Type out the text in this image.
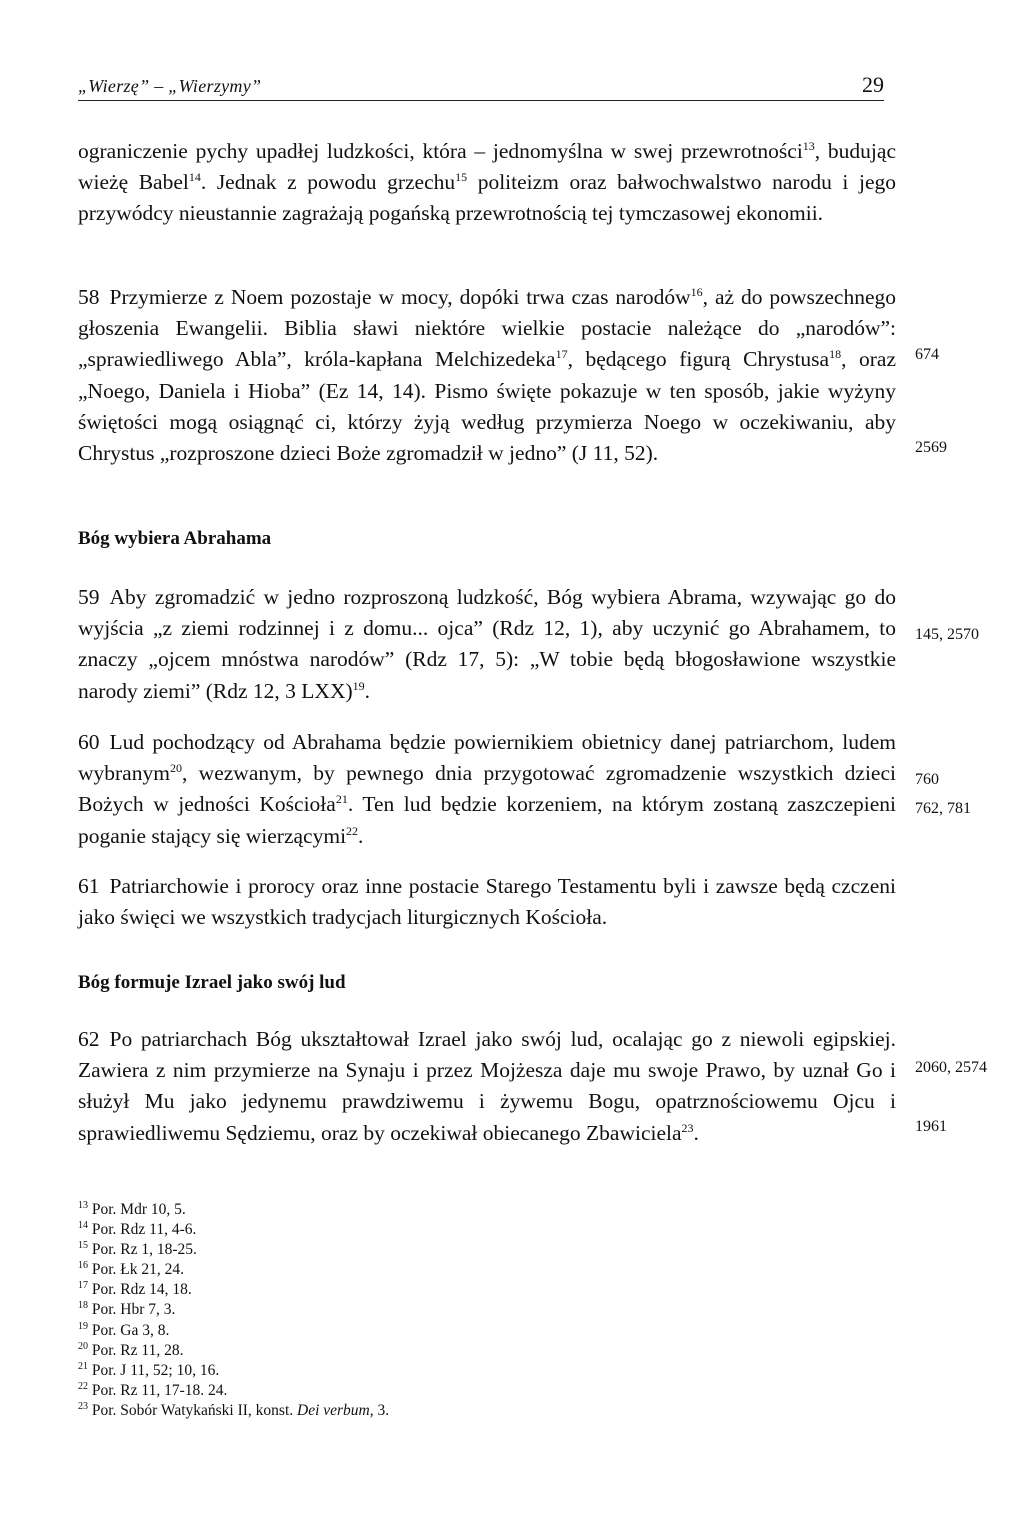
„Wierzę” – „Wierzymy”	29
ograniczenie pychy upadłej ludzkości, która – jednomyślna w swej przewrotności$^{13}$, budując wieżę Babel$^{14}$. Jednak z powodu grzechu$^{15}$ politeizm oraz bałwochwalstwo narodu i jego przywódcy nieustannie zagrażają pogańską przewrotnością tej tymczasowej ekonomii.
58 Przymierze z Noem pozostaje w mocy, dopóki trwa czas narodów$^{16}$, aż do powszechnego głoszenia Ewangelii. Biblia sławi niektóre wielkie postacie należące do „narodów”: „sprawiedliwego Abla”, króla-kapłana Melchizedeka$^{17}$, będącego figurą Chrystusa$^{18}$, oraz „Noego, Daniela i Hioba” (Ez 14, 14). Pismo święte pokazuje w ten sposób, jakie wyżyny świętości mogą osiągnąć ci, którzy żyją według przymierza Noego w oczekiwaniu, aby Chrystus „rozproszone dzieci Boże zgromadził w jedno” (J 11, 52).
Bóg wybiera Abrahama
59 Aby zgromadzić w jedno rozproszoną ludzkość, Bóg wybiera Abrama, wzywając go do wyjścia „z ziemi rodzinnej i z domu... ojca” (Rdz 12, 1), aby uczynić go Abrahamem, to znaczy „ojcem mnóstwa narodów” (Rdz 17, 5): „W tobie będą błogosławione wszystkie narody ziemi” (Rdz 12, 3 LXX)$^{19}$.
60 Lud pochodzący od Abrahama będzie powiernikiem obietnicy danej patriarchom, ludem wybranym$^{20}$, wezwanym, by pewnego dnia przygotować zgromadzenie wszystkich dzieci Bożych w jedności Kościoła$^{21}$. Ten lud będzie korzeniem, na którym zostaną zaszczepieni poganie stający się wierzącymi$^{22}$.
61 Patriarchowie i prorocy oraz inne postacie Starego Testamentu byli i zawsze będą czczeni jako święci we wszystkich tradycjach liturgicznych Kościoła.
Bóg formuje Izrael jako swój lud
62 Po patriarchach Bóg ukształtował Izrael jako swój lud, ocalając go z niewoli egipskiej. Zawiera z nim przymierze na Synaju i przez Mojżesza daje mu swoje Prawo, by uznał Go i służył Mu jako jedynemu prawdziwemu i żywemu Bogu, opatrznościowemu Ojcu i sprawiedliwemu Sędziemu, oraz by oczekiwał obiecanego Zbawiciela$^{23}$.
674
2569
145, 2570
760
762, 781
2060, 2574
1961
$^{13}$ Por. Mdr 10, 5.
$^{14}$ Por. Rdz 11, 4-6.
$^{15}$ Por. Rz 1, 18-25.
$^{16}$ Por. Łk 21, 24.
$^{17}$ Por. Rdz 14, 18.
$^{18}$ Por. Hbr 7, 3.
$^{19}$ Por. Ga 3, 8.
$^{20}$ Por. Rz 11, 28.
$^{21}$ Por. J 11, 52; 10, 16.
$^{22}$ Por. Rz 11, 17-18. 24.
$^{23}$ Por. Sobór Watykański II, konst. Dei verbum, 3.
